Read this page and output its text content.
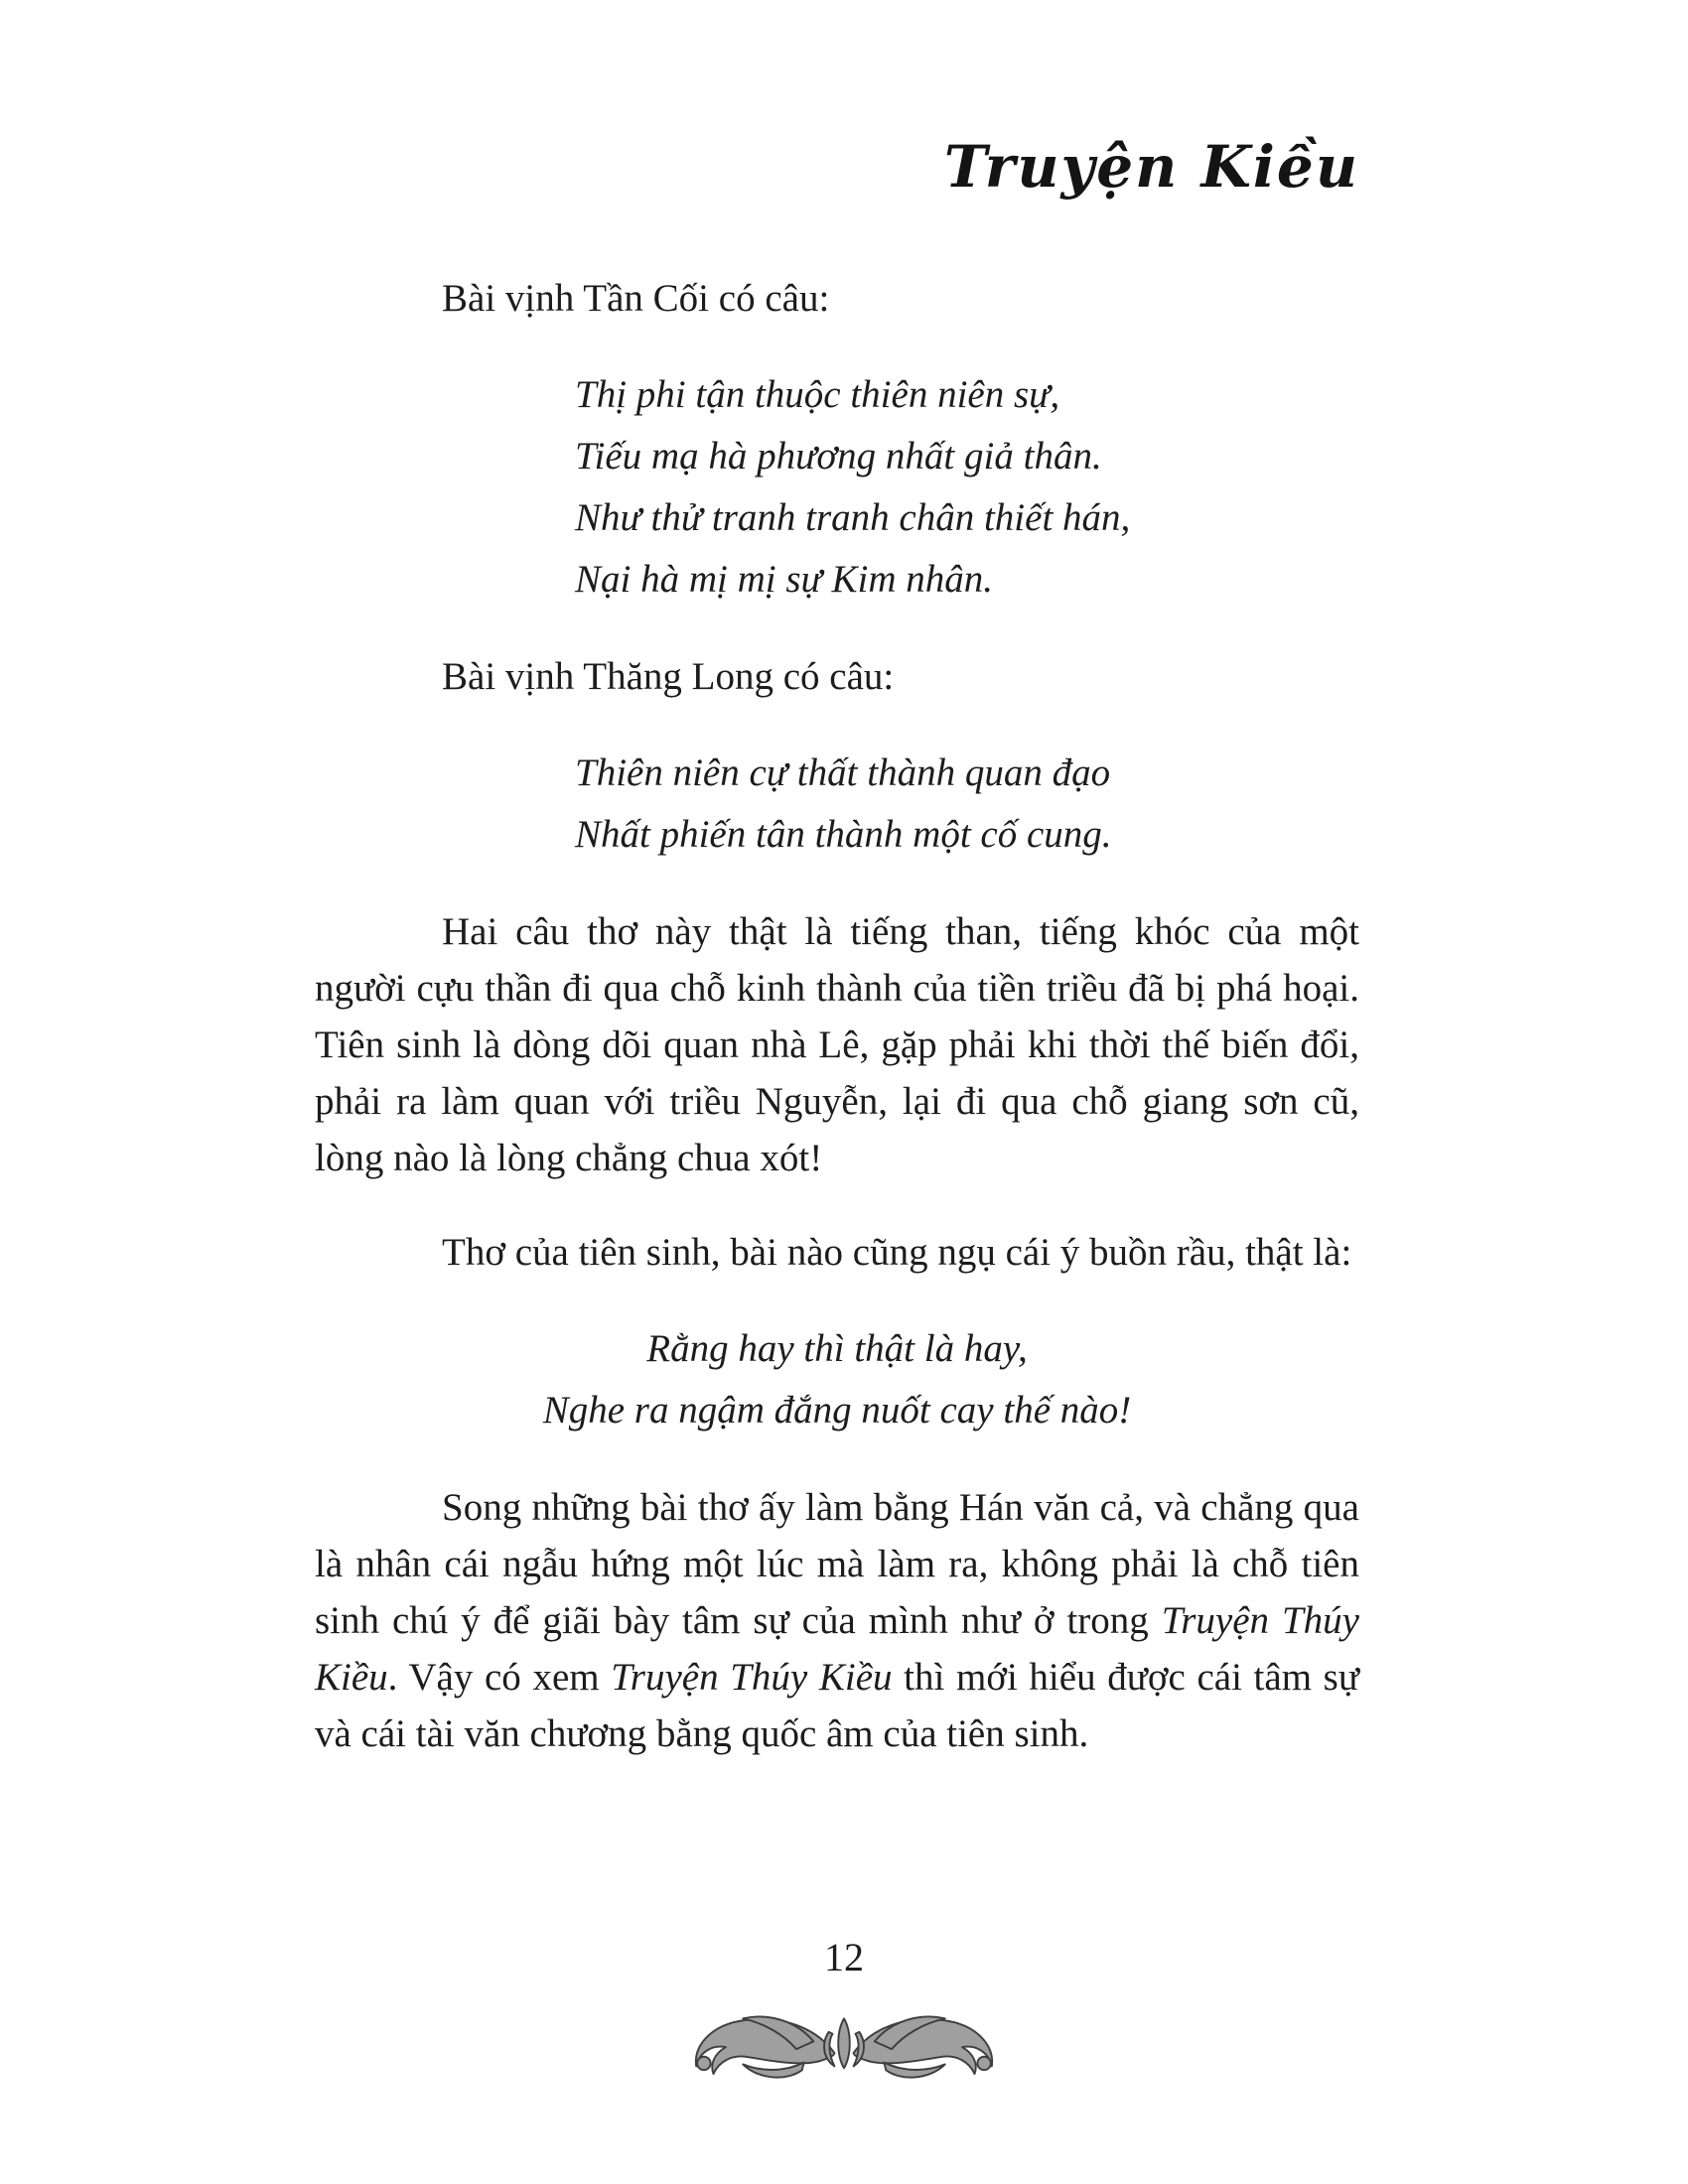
Truyện Kiều

Bài vịnh Tần Cối có câu:

Thị phi tận thuộc thiên niên sự,
Tiếu mạ hà phương nhất giả thân.
Như thử tranh tranh chân thiết hán,
Nại hà mị mị sự Kim nhân.

Bài vịnh Thăng Long có câu:

Thiên niên cự thất thành quan đạo
Nhất phiến tân thành một cố cung.

Hai câu thơ này thật là tiếng than, tiếng khóc của một người cựu thần đi qua chỗ kinh thành của tiền triều đã bị phá hoại. Tiên sinh là dòng dõi quan nhà Lê, gặp phải khi thời thế biến đổi, phải ra làm quan với triều Nguyễn, lại đi qua chỗ giang sơn cũ, lòng nào là lòng chẳng chua xót!

Thơ của tiên sinh, bài nào cũng ngụ cái ý buồn rầu, thật là:

Rằng hay thì thật là hay,
Nghe ra ngậm đắng nuốt cay thế nào!

Song những bài thơ ấy làm bằng Hán văn cả, và chẳng qua là nhân cái ngẫu hứng một lúc mà làm ra, không phải là chỗ tiên sinh chú ý để giãi bày tâm sự của mình như ở trong Truyện Thúy Kiều. Vậy có xem Truyện Thúy Kiều thì mới hiểu được cái tâm sự và cái tài văn chương bằng quốc âm của tiên sinh.

12
